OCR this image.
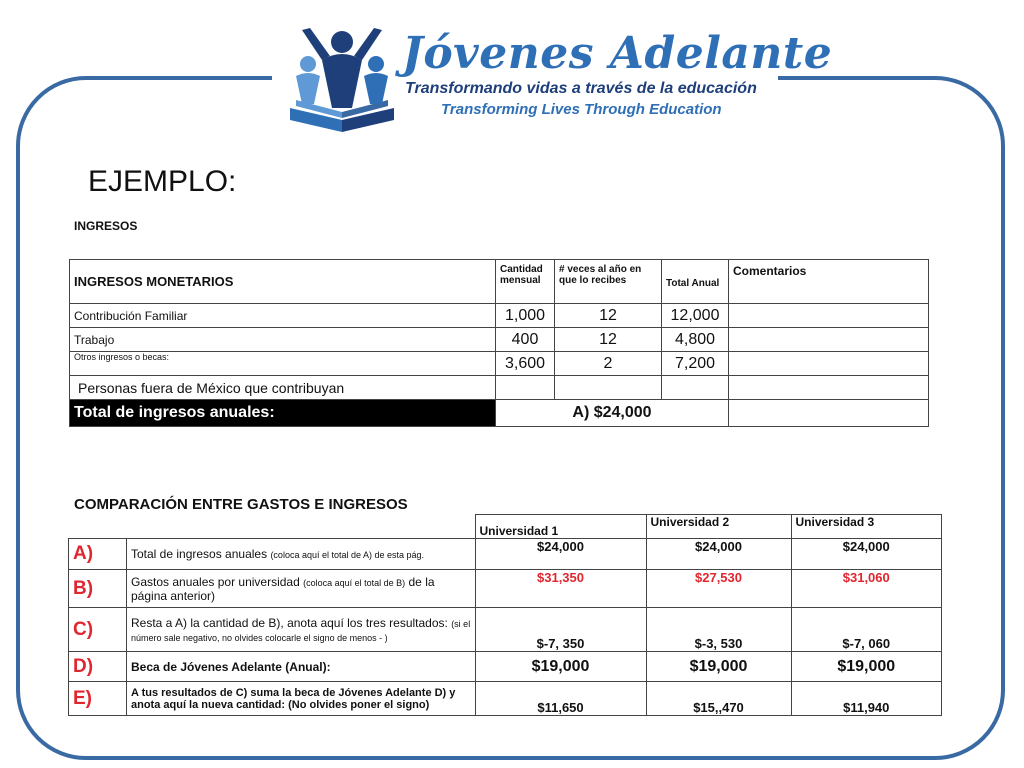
Jóvenes Adelante
Transformando vidas a través de la educación
Transforming Lives Through Education
EJEMPLO:
INGRESOS
INGRESOS MONETARIOS	Cantidad mensual	# veces al año en que lo recibes	Total Anual	Comentarios
Contribución Familiar	1,000	12	12,000	
Trabajo	400	12	4,800	
Otros ingresos o becas:	3,600	2	7,200	
Personas fuera de México que contribuyan				
Total de ingresos anuales:	A) $24,000			
COMPARACIÓN ENTRE GASTOS E INGRESOS
		Universidad 1	Universidad 2	Universidad 3
A)	Total de ingresos anuales (coloca aquí el total de A) de esta pág.	$24,000	$24,000	$24,000
B)	Gastos anuales por universidad (coloca aquí el total de B) de la página anterior)	$31,350	$27,530	$31,060
C)	Resta a A) la cantidad de B), anota aquí los tres resultados: (si el número sale negativo, no olvides colocarle el signo de menos - )	$-7, 350	$-3, 530	$-7, 060
D)	Beca de Jóvenes Adelante (Anual):	$19,000	$19,000	$19,000
E)	A tus resultados de C) suma la beca de Jóvenes Adelante D) y anota aquí la nueva cantidad: (No olvides poner el signo)	$11,650	$15,,470	$11,940
